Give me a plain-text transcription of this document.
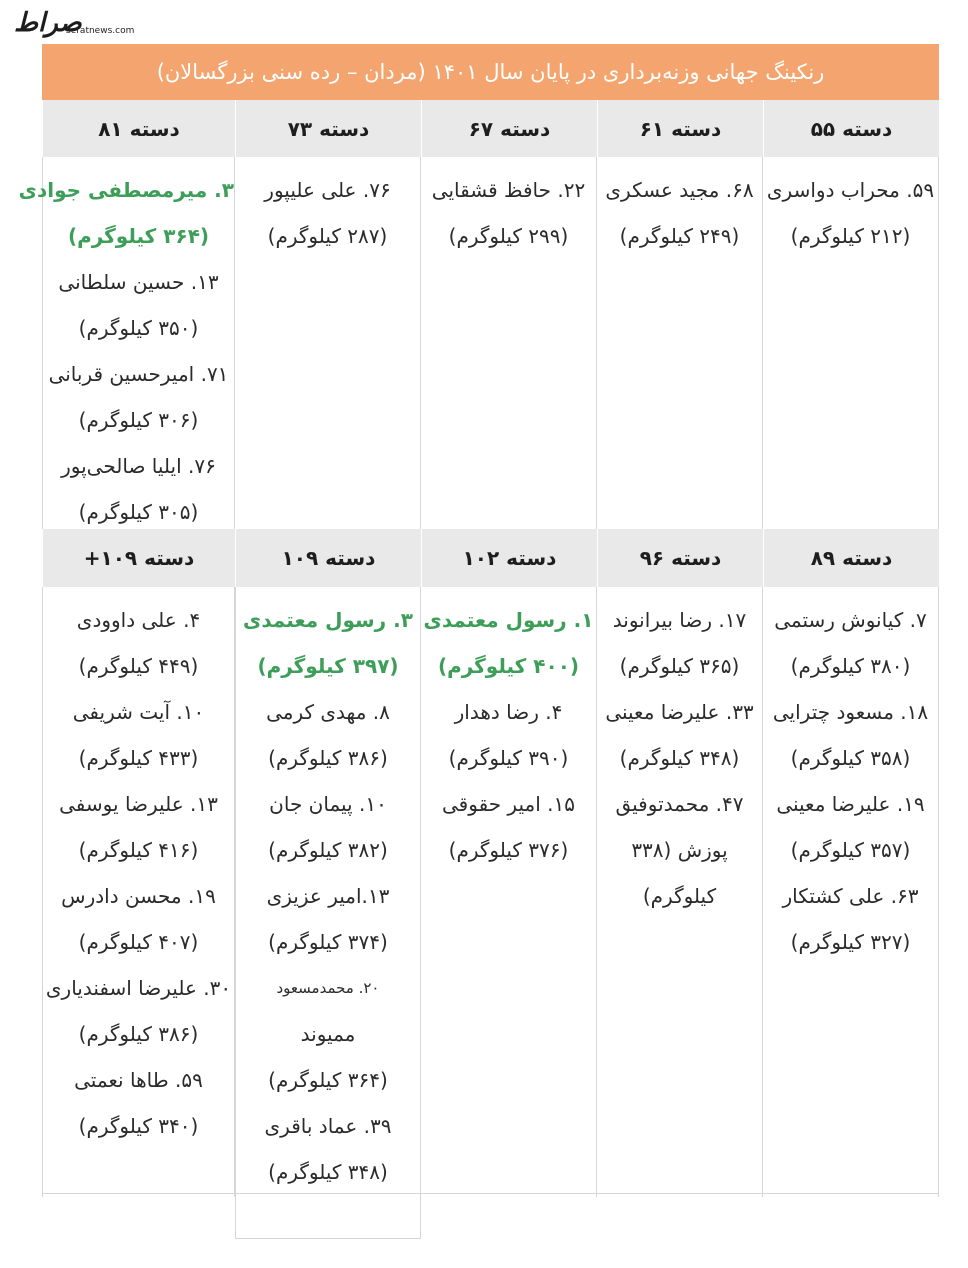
صراط
seratnews.com
رنکینگ جهانی وزنه‌برداری در پایان سال ۱۴۰۱ (مردان – رده سنی بزرگسالان)
دسته ۵۵
دسته ۶۱
دسته ۶۷
دسته ۷۳
دسته ۸۱
۵۹. محراب دواسری
(۲۱۲ کیلوگرم)
۶۸. مجید عسکری
(۲۴۹ کیلوگرم)
۲۲. حافظ قشقایی
(۲۹۹ کیلوگرم)
۷۶. علی علیپور
(۲۸۷ کیلوگرم)
۳. میرمصطفی جوادی
(۳۶۴ کیلوگرم)
۱۳. حسین سلطانی
(۳۵۰ کیلوگرم)
۷۱. امیرحسین قربانی
(۳۰۶ کیلوگرم)
۷۶. ایلیا صالحی‌پور
(۳۰۵ کیلوگرم)
دسته ۸۹
دسته ۹۶
دسته ۱۰۲
دسته ۱۰۹
دسته ۱۰۹+
۷. کیانوش رستمی
(۳۸۰ کیلوگرم)
۱۸. مسعود چترایی
(۳۵۸ کیلوگرم)
۱۹. علیرضا معینی
(۳۵۷ کیلوگرم)
۶۳. علی کشتکار
(۳۲۷ کیلوگرم)
۱۷. رضا بیرانوند
(۳۶۵ کیلوگرم)
۳۳. علیرضا معینی
(۳۴۸ کیلوگرم)
۴۷. محمدتوفیق
پوزش (۳۳۸
کیلوگرم)
۱. رسول معتمدی
(۴۰۰ کیلوگرم)
۴. رضا دهدار
(۳۹۰ کیلوگرم)
۱۵. امیر حقوقی
(۳۷۶ کیلوگرم)
۳. رسول معتمدی
(۳۹۷ کیلوگرم)
۸. مهدی کرمی
(۳۸۶ کیلوگرم)
۱۰. پیمان جان
(۳۸۲ کیلوگرم)
۱۳.امیر عزیزی
(۳۷۴ کیلوگرم)
۲۰. محمدمسعود
ممیوند
(۳۶۴ کیلوگرم)
۳۹. عماد باقری
(۳۴۸ کیلوگرم)
۴. علی داوودی
(۴۴۹ کیلوگرم)
۱۰. آیت شریفی
(۴۳۳ کیلوگرم)
۱۳. علیرضا یوسفی
(۴۱۶ کیلوگرم)
۱۹. محسن دادرس
(۴۰۷ کیلوگرم)
۳۰. علیرضا اسفندیاری
(۳۸۶ کیلوگرم)
۵۹. طاها نعمتی
(۳۴۰ کیلوگرم)
